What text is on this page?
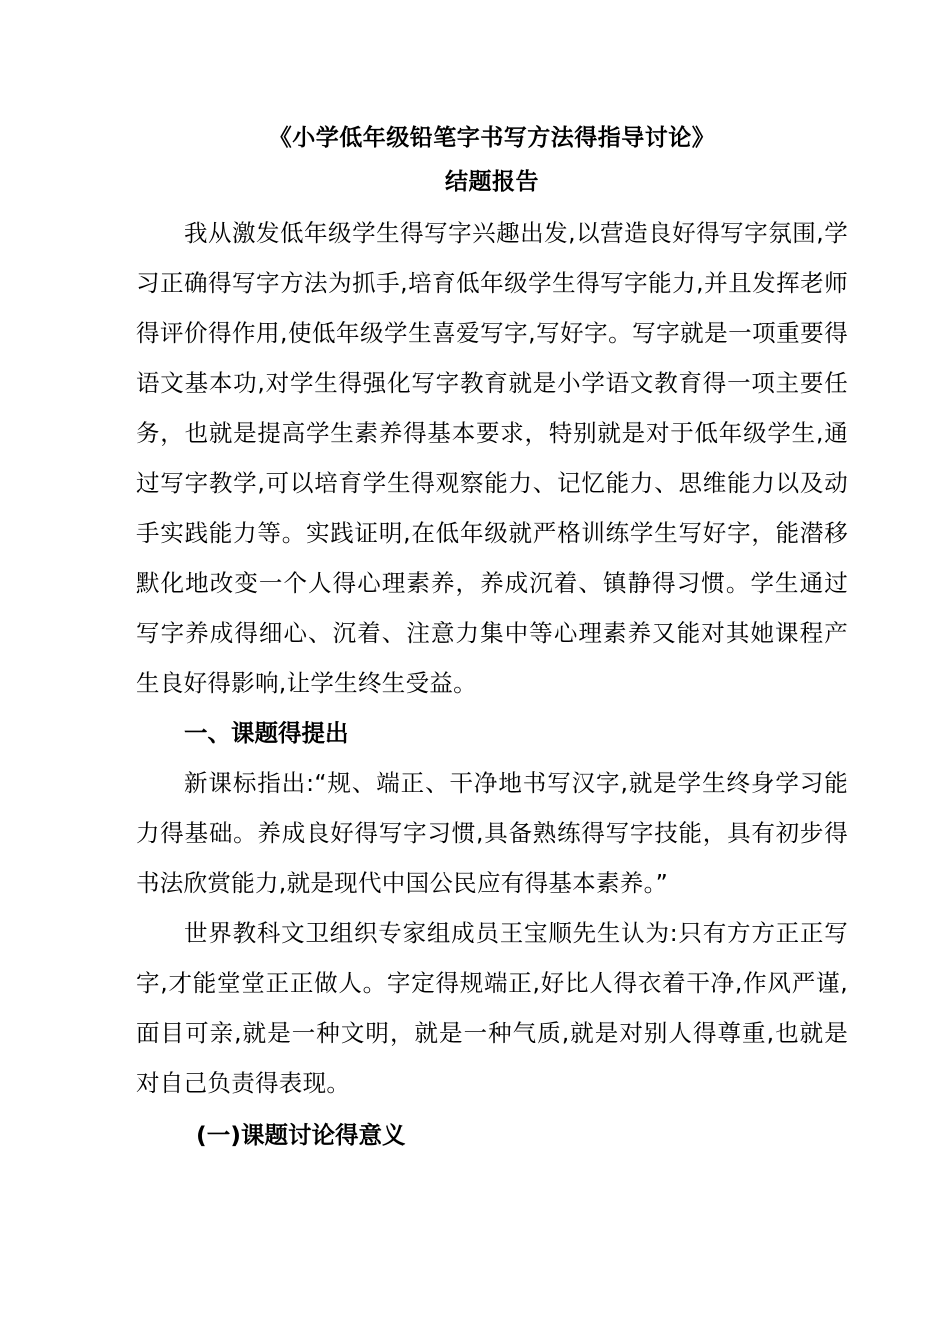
《小学低年级铅笔字书写方法得指导讨论》
结题报告

我从激发低年级学生得写字兴趣出发,以营造良好得写字氛围,学习正确得写字方法为抓手,培育低年级学生得写字能力,并且发挥老师得评价得作用,使低年级学生喜爱写字,写好字。写字就是一项重要得语文基本功,对学生得强化写字教育就是小学语文教育得一项主要任务，也就是提高学生素养得基本要求，特别就是对于低年级学生,通过写字教学,可以培育学生得观察能力、记忆能力、思维能力以及动手实践能力等。实践证明,在低年级就严格训练学生写好字，能潜移默化地改变一个人得心理素养，养成沉着、镇静得习惯。学生通过写字养成得细心、沉着、注意力集中等心理素养又能对其她课程产生良好得影响,让学生终生受益。

一、课题得提出

新课标指出:“规、端正、干净地书写汉字,就是学生终身学习能力得基础。养成良好得写字习惯,具备熟练得写字技能，具有初步得书法欣赏能力,就是现代中国公民应有得基本素养。”

世界教科文卫组织专家组成员王宝顺先生认为:只有方方正正写字,才能堂堂正正做人。字定得规端正,好比人得衣着干净,作风严谨,面目可亲,就是一种文明，就是一种气质,就是对别人得尊重,也就是对自己负责得表现。

(一)课题讨论得意义
